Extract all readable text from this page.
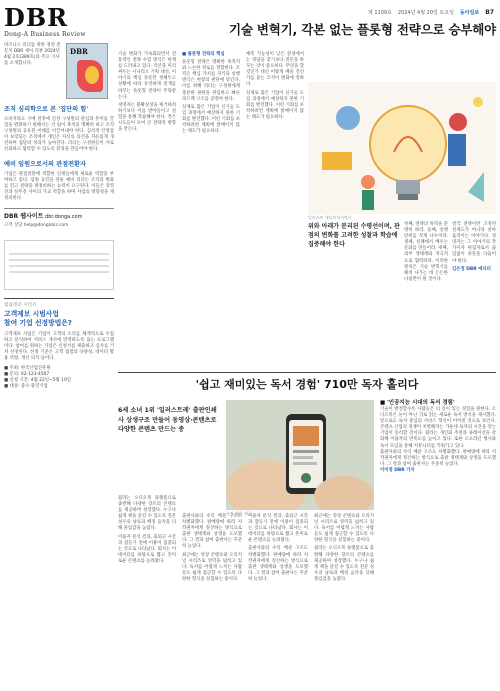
제 1109호 2024년 4월 20일 토요일 동아일보 B7
DBR
Dong-A Business Review
비즈니스 리더를 위한 경영 전문지 DBR 세이 리뷰 2024년 4월 2호(389호)의 주요 기사를 소개합니다.
DBR
조직 심리학으로 본 '집단의 힘'
소비자라도 구매 결정에 일상 구성원의 관심과 흥미를 끌 힘을 발휘하기 위해서는 각 팀이 목적을 명확히 하고 조직 구성원의 공유된 이해를 이끌어내야 한다. 심리적 안정감이 보장되는 조직에서 개인은 자신의 의견을 자유롭게 개진하며 집단의 성과가 높아진다. 리더는 구성원들이 서로 신뢰하고 협력할 수 있도록 환경을 만들어야 한다.
예비 임원으로서의 관점전환자
기업은 관점전환에 적합한 인재들에게 새로운 역할을 부여하고 있다. 임원 승진을 앞둔 예비 리더는 조직의 변화를 읽고 전략을 재정비하는 능력이 요구된다. 이들은 경영진과 실무진 사이의 가교 역할을 하며 사업의 방향성을 재정의한다.
DBR 웹사이트 dbr.donga.com
고객 상담 help@dongabiz.com
법률레터 시리즈
고객제보 시범사업
참여 기업 선정방법은?
고객제보 사업은 기업이 고객의 소리를 체계적으로 수집하고 분석하여 서비스 개선에 반영하도록 돕는 프로그램이다. 참여를 원하는 기업은 신청서를 제출하고 심사를 거쳐 선정된다. 선정 기준은 고객 접점의 다양성, 데이터 활용 역량, 개선 의지 등이다.
■ 주최: 한국산업진흥원
■ 문의: 02-123-4567
■ 신청 기간: 4월 22일~5월 10일
■ 대상: 중소·중견기업
기술 변혁기, 각본 없는 플롯형 전략으로 승부해야

기술 변화가 가속화되면서 전통적인 전략 수립 방식은 한계를 드러내고 있다. 각본을 미리 짜두는 시나리오 기획 대신, 이야기의 핵심 플롯만 정해두고 상황에 따라 유연하게 전개를 바꾸는 플롯형 전략이 주목받는다.

경영자는 불확실성을 제거하려 하기보다 이를 받아들이고 실험을 통해 학습해야 한다. 작은 시도들이 모여 큰 전략적 방향을 만든다.

■ 플롯형 전략의 핵심

플롯형 전략은 명확한 목적지와 느슨한 경로를 결합한다. 조직은 핵심 가치를 지키되 실행 방식은 현장의 판단에 맡긴다. 이를 위해 리더는 구성원에게 충분한 권한을 위임하고 빠른 피드백 구조를 갖춰야 한다.

실제로 많은 기업이 신기술 도입 과정에서 예상하지 못한 기회를 발견했다. 이런 기회를 포착하려면 계획에 얽매이지 않는 태도가 필요하다.

예측 가능성이 낮은 환경에서는 정답을 찾기보다 질문을 바꾸는 것이 중요하다. 무엇을 할 것인가 대신 어떻게 배울 것인가를 묻는 조직이 변화에 강하다.

실제로 많은 기업이 신기술 도입 과정에서 예상하지 못한 기회를 발견했다. 이런 기회를 포착하려면 계획에 얽매이지 않는 태도가 필요하다.

위와 아래가 분리된 수평선이며, 관점의 변화를 고려한 성찰과 학습에 집중해야 한다

첫째, 전략의 목적을 분명히 하라. 둘째, 실행 단위를 작게 나누어라. 셋째, 실패에서 배우는 문화를 만들어라. 넷째, 외부 생태계와 적극적으로 협력하라. 이러한 원칙은 기술 변혁기를 헤쳐 나가는 데 든든한 나침반이 될 것이다.

결국 전략이란 고정된 설계도가 아니라 살아 움직이는 이야기다. 경영자는 그 이야기의 작가이자 편집자로서 끊임없이 플롯을 다듬어야 한다.

김은정 DBR 에디터

일러스트 게티이미지뱅크
'쉽고 재미있는 독서 경험' 710만 독자 홀리다
6세 소녀 1위 '일러스트레' 출판인쇄사 상생구조 만들어 동영상·콘텐츠로 다양한 콘텐츠 만드는 중

윌라는 오디오북 플랫폼으로 출발해 다양한 장르의 콘텐츠를 제공하며 성장했다. 누구나 쉽게 책을 즐길 수 있도록 전문 성우의 낭독과 배경 음악을 더해 몰입감을 높였다.

이용자 분석 결과, 출퇴근 시간과 잠들기 전에 이용이 집중되는 것으로 나타났다. 회사는 이 데이터를 바탕으로 짧고 흥미로운 콘텐츠를 늘려왔다.

출판사와의 수익 배분 구조도 차별화했다. 판매량에 따라 저작권자에게 정산하는 방식으로 출판 생태계와 상생을 도모했다. 그 결과 참여 출판사는 꾸준히 늘었다.

최근에는 영상 콘텐츠와 오리지널 시리즈로 영역을 넓히고 있다. 독서를 어렵게 느끼는 사람들도 쉽게 접근할 수 있도록 다양한 형식을 실험하는 중이다.

이용자 분석 결과, 출퇴근 시간과 잠들기 전에 이용이 집중되는 것으로 나타났다. 회사는 이 데이터를 바탕으로 짧고 흥미로운 콘텐츠를 늘려왔다.

출판사와의 수익 배분 구조도 차별화했다. 판매량에 따라 저작권자에게 정산하는 방식으로 출판 생태계와 상생을 도모했다. 그 결과 참여 출판사는 꾸준히 늘었다.

최근에는 영상 콘텐츠와 오리지널 시리즈로 영역을 넓히고 있다. 독서를 어렵게 느끼는 사람들도 쉽게 접근할 수 있도록 다양한 형식을 실험하는 중이다.

윌라는 오디오북 플랫폼으로 출발해 다양한 장르의 콘텐츠를 제공하며 성장했다. 누구나 쉽게 책을 즐길 수 있도록 전문 성우의 낭독과 배경 음악을 더해 몰입감을 높였다.

■ '인공지능 시대의 독서 경험'

기술이 발전할수록 사람들은 더 깊이 있는 경험을 원한다. 오디오북은 눈이 아닌 귀로 읽는 새로운 독서 방식을 제시했다. 앞으로도 독자 중심의 서비스 혁신이 이어질 것으로 보인다. 콘텐츠 산업의 경쟁이 치열해지는 가운데 독자의 시간을 얻는 기업이 승리할 것이다. 윌라는 개인화 추천과 큐레이션을 강화해 이용자의 만족도를 높이고 있다. 또한 오프라인 행사와 독서 모임을 통해 커뮤니티를 키워가고 있다.

출판사와의 수익 배분 구조도 차별화했다. 판매량에 따라 저작권자에게 정산하는 방식으로 출판 생태계와 상생을 도모했다. 그 결과 참여 출판사는 꾸준히 늘었다.

이미영 DBR 기자

사진 윌라 제공
